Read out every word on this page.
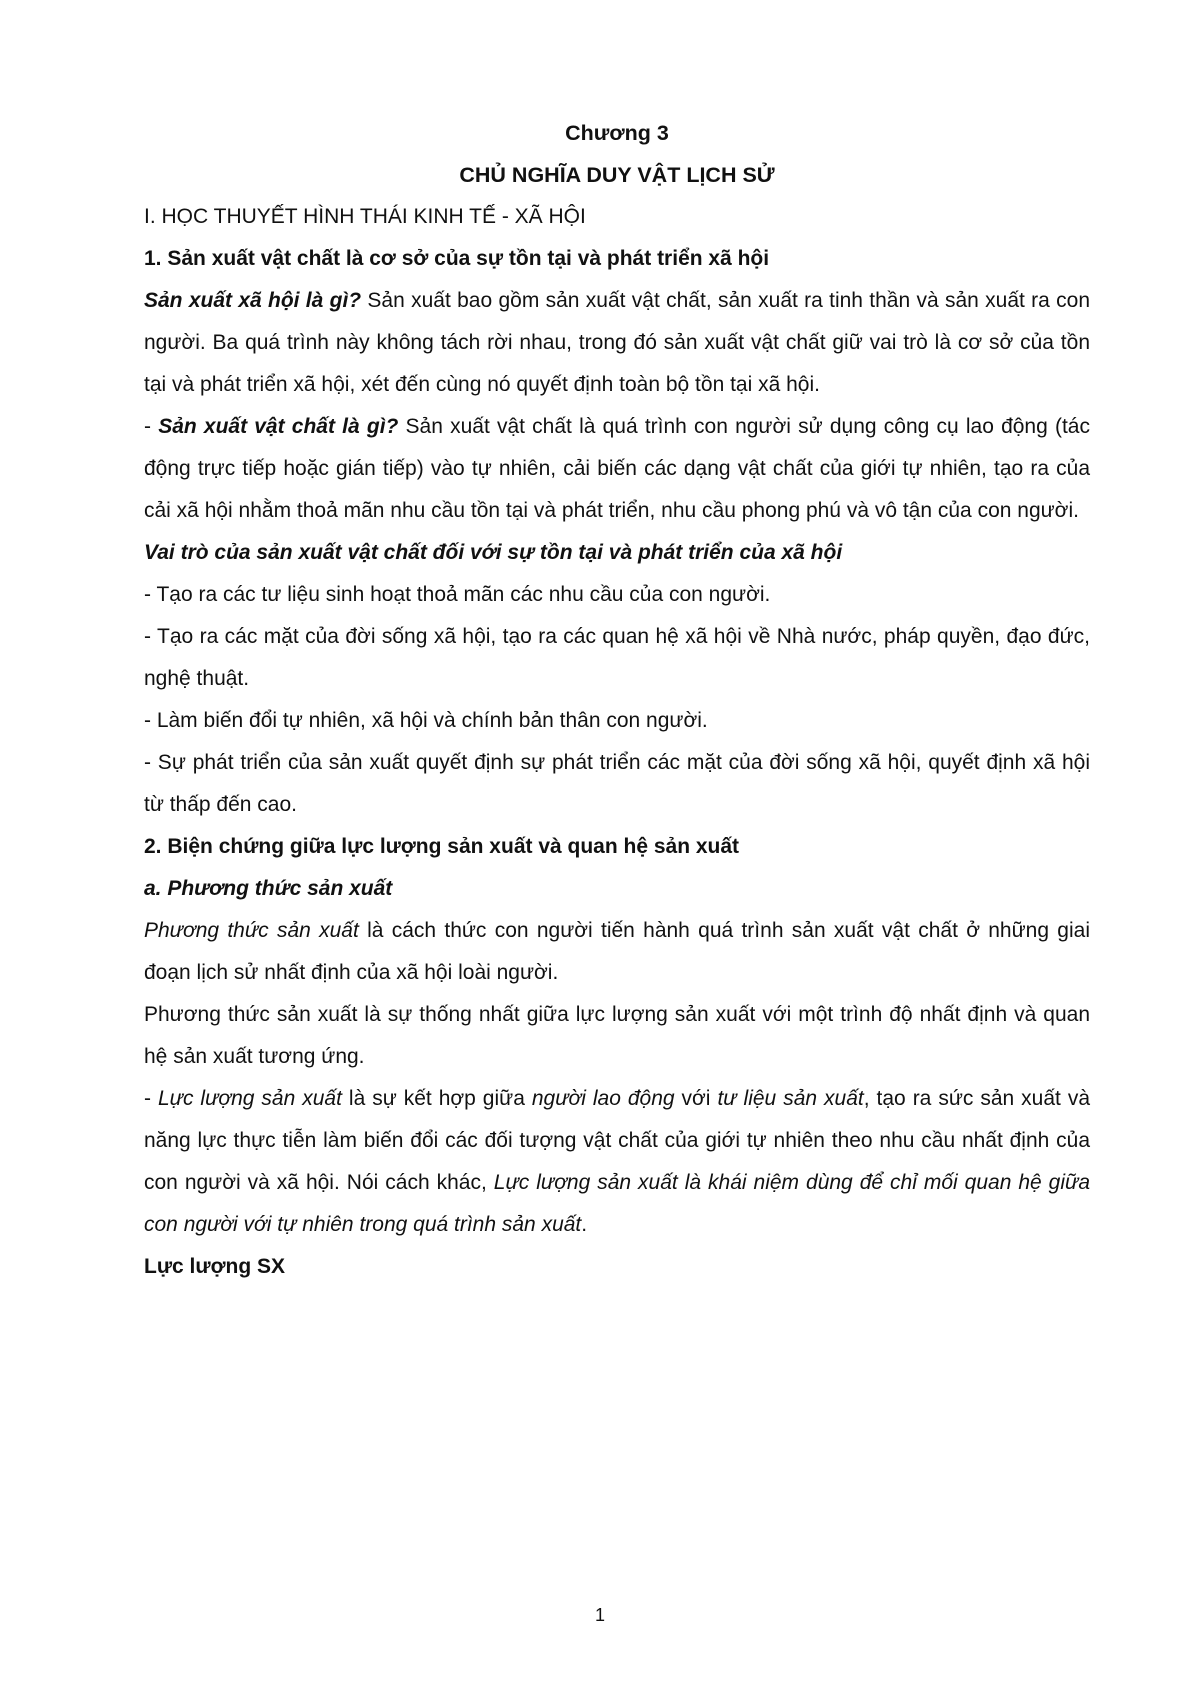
Chương 3

CHỦ NGHĨA DUY VẬT LỊCH SỬ

I. HỌC THUYẾT HÌNH THÁI KINH TẾ - XÃ HỘI

1. Sản xuất vật chất là cơ sở của sự tồn tại và phát triển xã hội

Sản xuất xã hội là gì? Sản xuất bao gồm sản xuất vật chất, sản xuất ra tinh thần và sản xuất ra con người. Ba quá trình này không tách rời nhau, trong đó sản xuất vật chất giữ vai trò là cơ sở của tồn tại và phát triển xã hội, xét đến cùng nó quyết định toàn bộ tồn tại xã hội.

- Sản xuất vật chất là gì? Sản xuất vật chất là quá trình con người sử dụng công cụ lao động (tác động trực tiếp hoặc gián tiếp) vào tự nhiên, cải biến các dạng vật chất của giới tự nhiên, tạo ra của cải xã hội nhằm thoả mãn nhu cầu tồn tại và phát triển, nhu cầu phong phú và vô tận của con người.

Vai trò của sản xuất vật chất đối với sự tồn tại và phát triển của xã hội

- Tạo ra các tư liệu sinh hoạt thoả mãn các nhu cầu của con người.

- Tạo ra các mặt của đời sống xã hội, tạo ra các quan hệ xã hội về Nhà nước, pháp quyền, đạo đức, nghệ thuật.

- Làm biến đổi tự nhiên, xã hội và chính bản thân con người.

- Sự phát triển của sản xuất quyết định sự phát triển các mặt của đời sống xã hội, quyết định xã hội từ thấp đến cao.

2. Biện chứng giữa lực lượng sản xuất và quan hệ sản xuất

a. Phương thức sản xuất

Phương thức sản xuất là cách thức con người tiến hành quá trình sản xuất vật chất ở những giai đoạn lịch sử nhất định của xã hội loài người.

Phương thức sản xuất là sự thống nhất giữa lực lượng sản xuất với một trình độ nhất định và quan hệ sản xuất tương ứng.

- Lực lượng sản xuất là sự kết hợp giữa người lao động với tư liệu sản xuất, tạo ra sức sản xuất và năng lực thực tiễn làm biến đổi các đối tượng vật chất của giới tự nhiên theo nhu cầu nhất định của con người và xã hội. Nói cách khác, Lực lượng sản xuất là khái niệm dùng để chỉ mối quan hệ giữa con người với tự nhiên trong quá trình sản xuất.

Lực lượng SX

1
